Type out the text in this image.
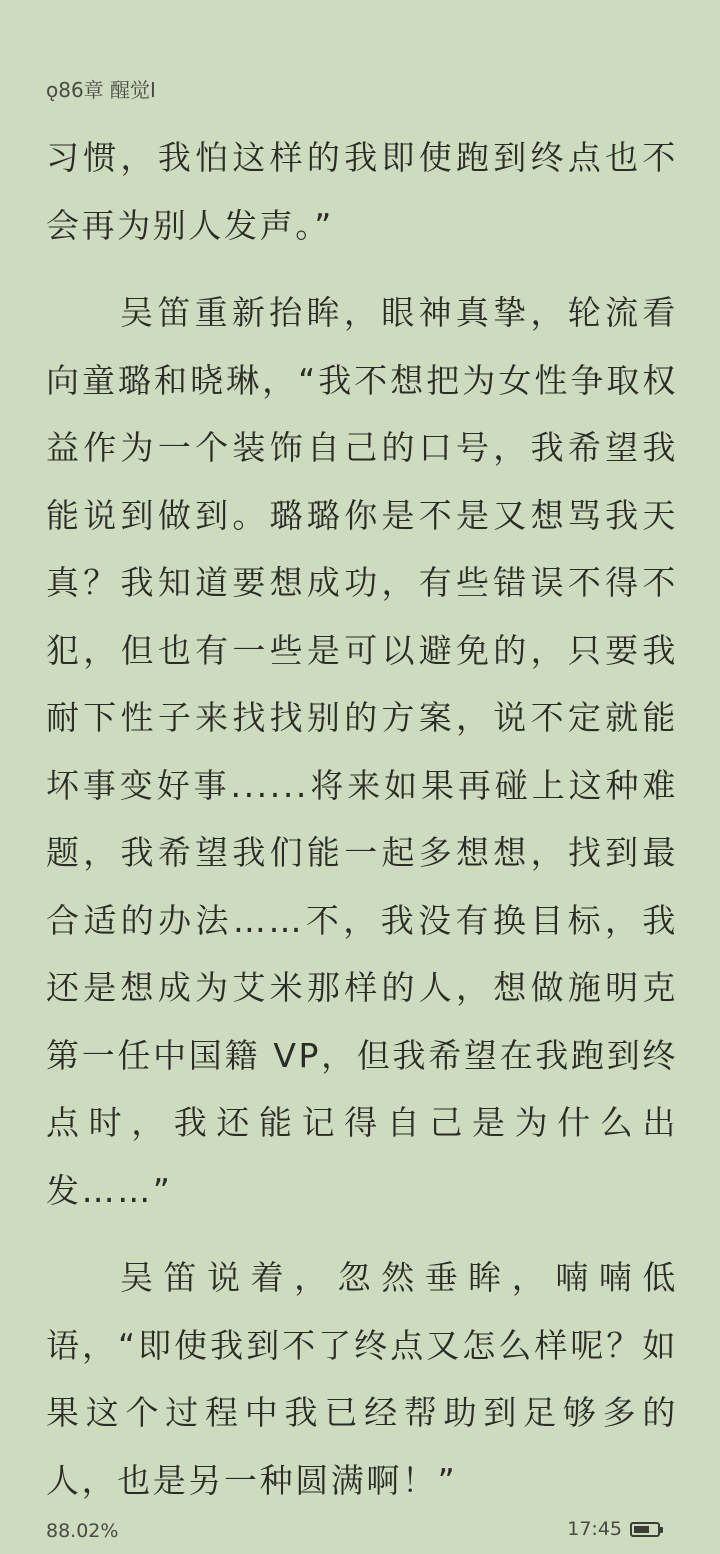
ǫ86章 醒觉Ⅰ

习惯，我怕这样的我即使跑到终点也不会再为别人发声。”

吴笛重新抬眸，眼神真挚，轮流看向童璐和晓琳，“我不想把为女性争取权益作为一个装饰自己的口号，我希望我能说到做到。璐璐你是不是又想骂我天真？我知道要想成功，有些错误不得不犯，但也有一些是可以避免的，只要我耐下性子来找找别的方案，说不定就能坏事变好事......将来如果再碰上这种难题，我希望我们能一起多想想，找到最合适的办法……不，我没有换目标，我还是想成为艾米那样的人，想做施明克第一任中国籍 VP，但我希望在我跑到终点时，我还能记得自己是为什么出发……”

吴笛说着，忽然垂眸，喃喃低语，“即使我到不了终点又怎么样呢？如果这个过程中我已经帮助到足够多的人，也是另一种圆满啊！”

88.02%	17:45
